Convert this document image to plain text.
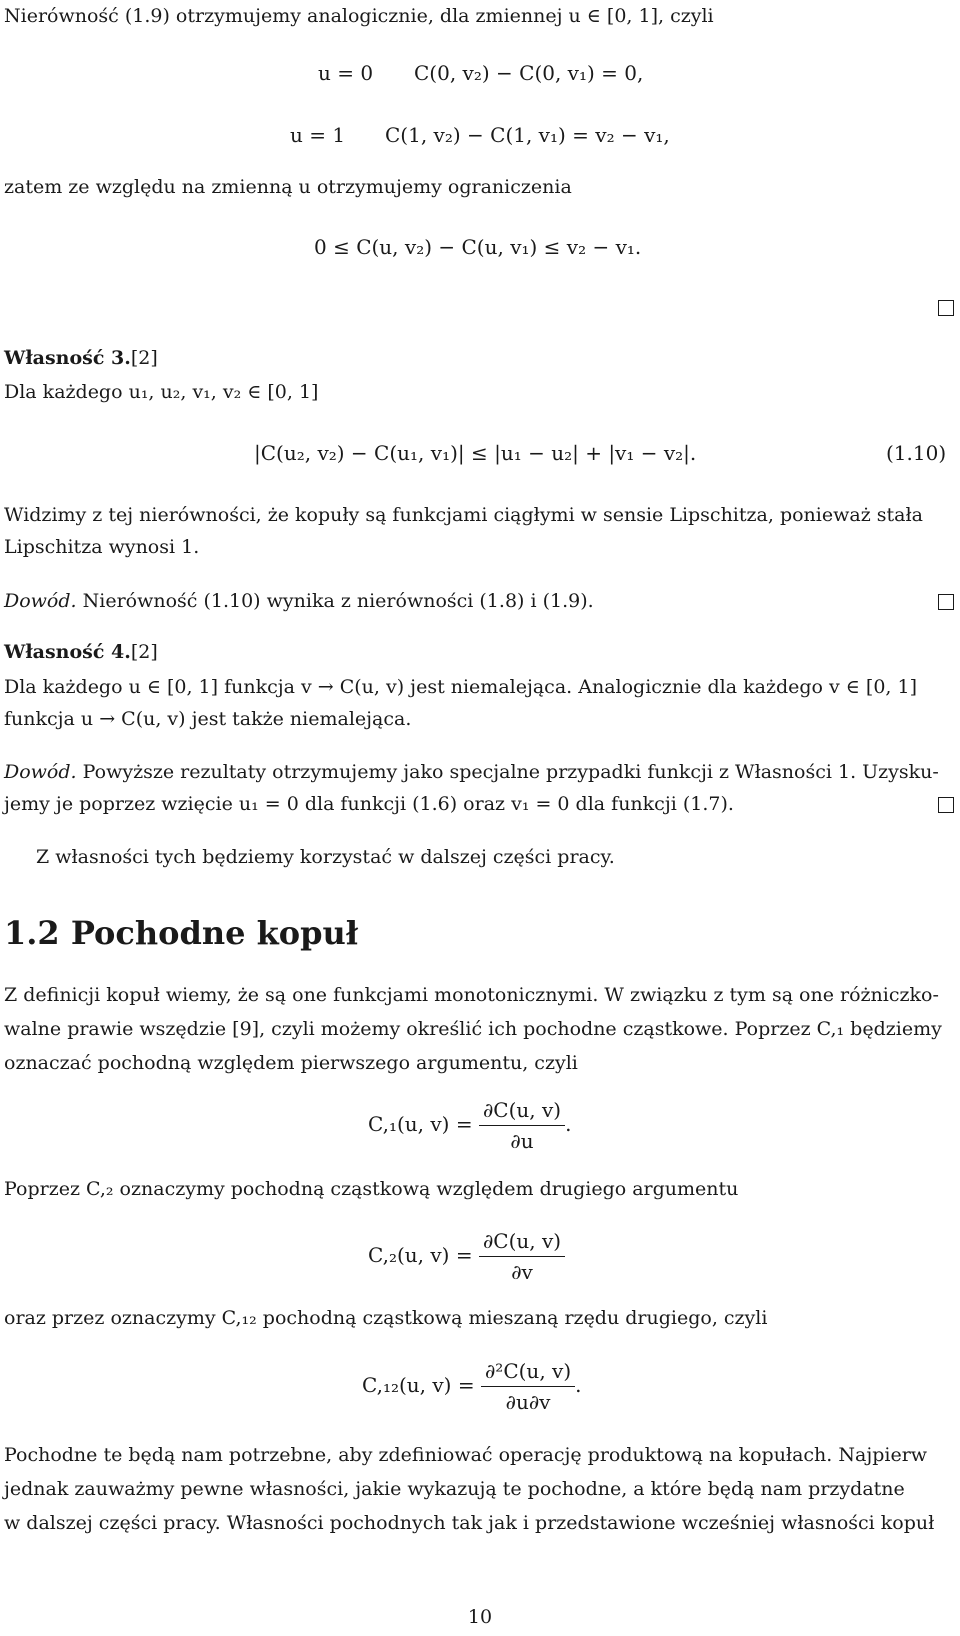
Nierówność (1.9) otrzymujemy analogicznie, dla zmiennej u ∈ [0, 1], czyli
u = 0 C(0, v₂) − C(0, v₁) = 0,
u = 1 C(1, v₂) − C(1, v₁) = v₂ − v₁,
zatem ze względu na zmienną u otrzymujemy ograniczenia
0 ≤ C(u, v₂) − C(u, v₁) ≤ v₂ − v₁.
Własność 3.[2]
Dla każdego u₁, u₂, v₁, v₂ ∈ [0, 1]
|C(u₂, v₂) − C(u₁, v₁)| ≤ |u₁ − u₂| + |v₁ − v₂|.	(1.10)
Widzimy z tej nierówności, że kopuły są funkcjami ciągłymi w sensie Lipschitza, ponieważ stała
Lipschitza wynosi 1.
Dowód. Nierówność (1.10) wynika z nierówności (1.8) i (1.9).
Własność 4.[2]
Dla każdego u ∈ [0, 1] funkcja v → C(u, v) jest niemalejąca. Analogicznie dla każdego v ∈ [0, 1]
funkcja u → C(u, v) jest także niemalejąca.
Dowód. Powyższe rezultaty otrzymujemy jako specjalne przypadki funkcji z Własności 1. Uzysku-
jemy je poprzez wzięcie u₁ = 0 dla funkcji (1.6) oraz v₁ = 0 dla funkcji (1.7).
Z własności tych będziemy korzystać w dalszej części pracy.
1.2 Pochodne kopuł
Z definicji kopuł wiemy, że są one funkcjami monotonicznymi. W związku z tym są one różniczko-
walne prawie wszędzie [9], czyli możemy określić ich pochodne cząstkowe. Poprzez C,₁ będziemy
oznaczać pochodną względem pierwszego argumentu, czyli
C,₁(u, $v) = \frac{\partial C(u, v)}{\partial u}$ .
Poprzez C,₂ oznaczymy pochodną cząstkową względem drugiego argumentu
C,₂(u, $v) = \frac{\partial C(u, v)}{\partial v}$
oraz przez oznaczymy C,₁₂ pochodną cząstkową mieszaną rzędu drugiego, czyli
C,₁₂(u, $v) = \frac{\text{∂²C(u, v)}}{\partial u\partial v}$ .
Pochodne te będą nam potrzebne, aby zdefiniować operację produktową na kopułach. Najpierw
jednak zauważmy pewne własności, jakie wykazują te pochodne, a które będą nam przydatne
w dalszej części pracy. Własności pochodnych tak jak i przedstawione wcześniej własności kopuł
10
